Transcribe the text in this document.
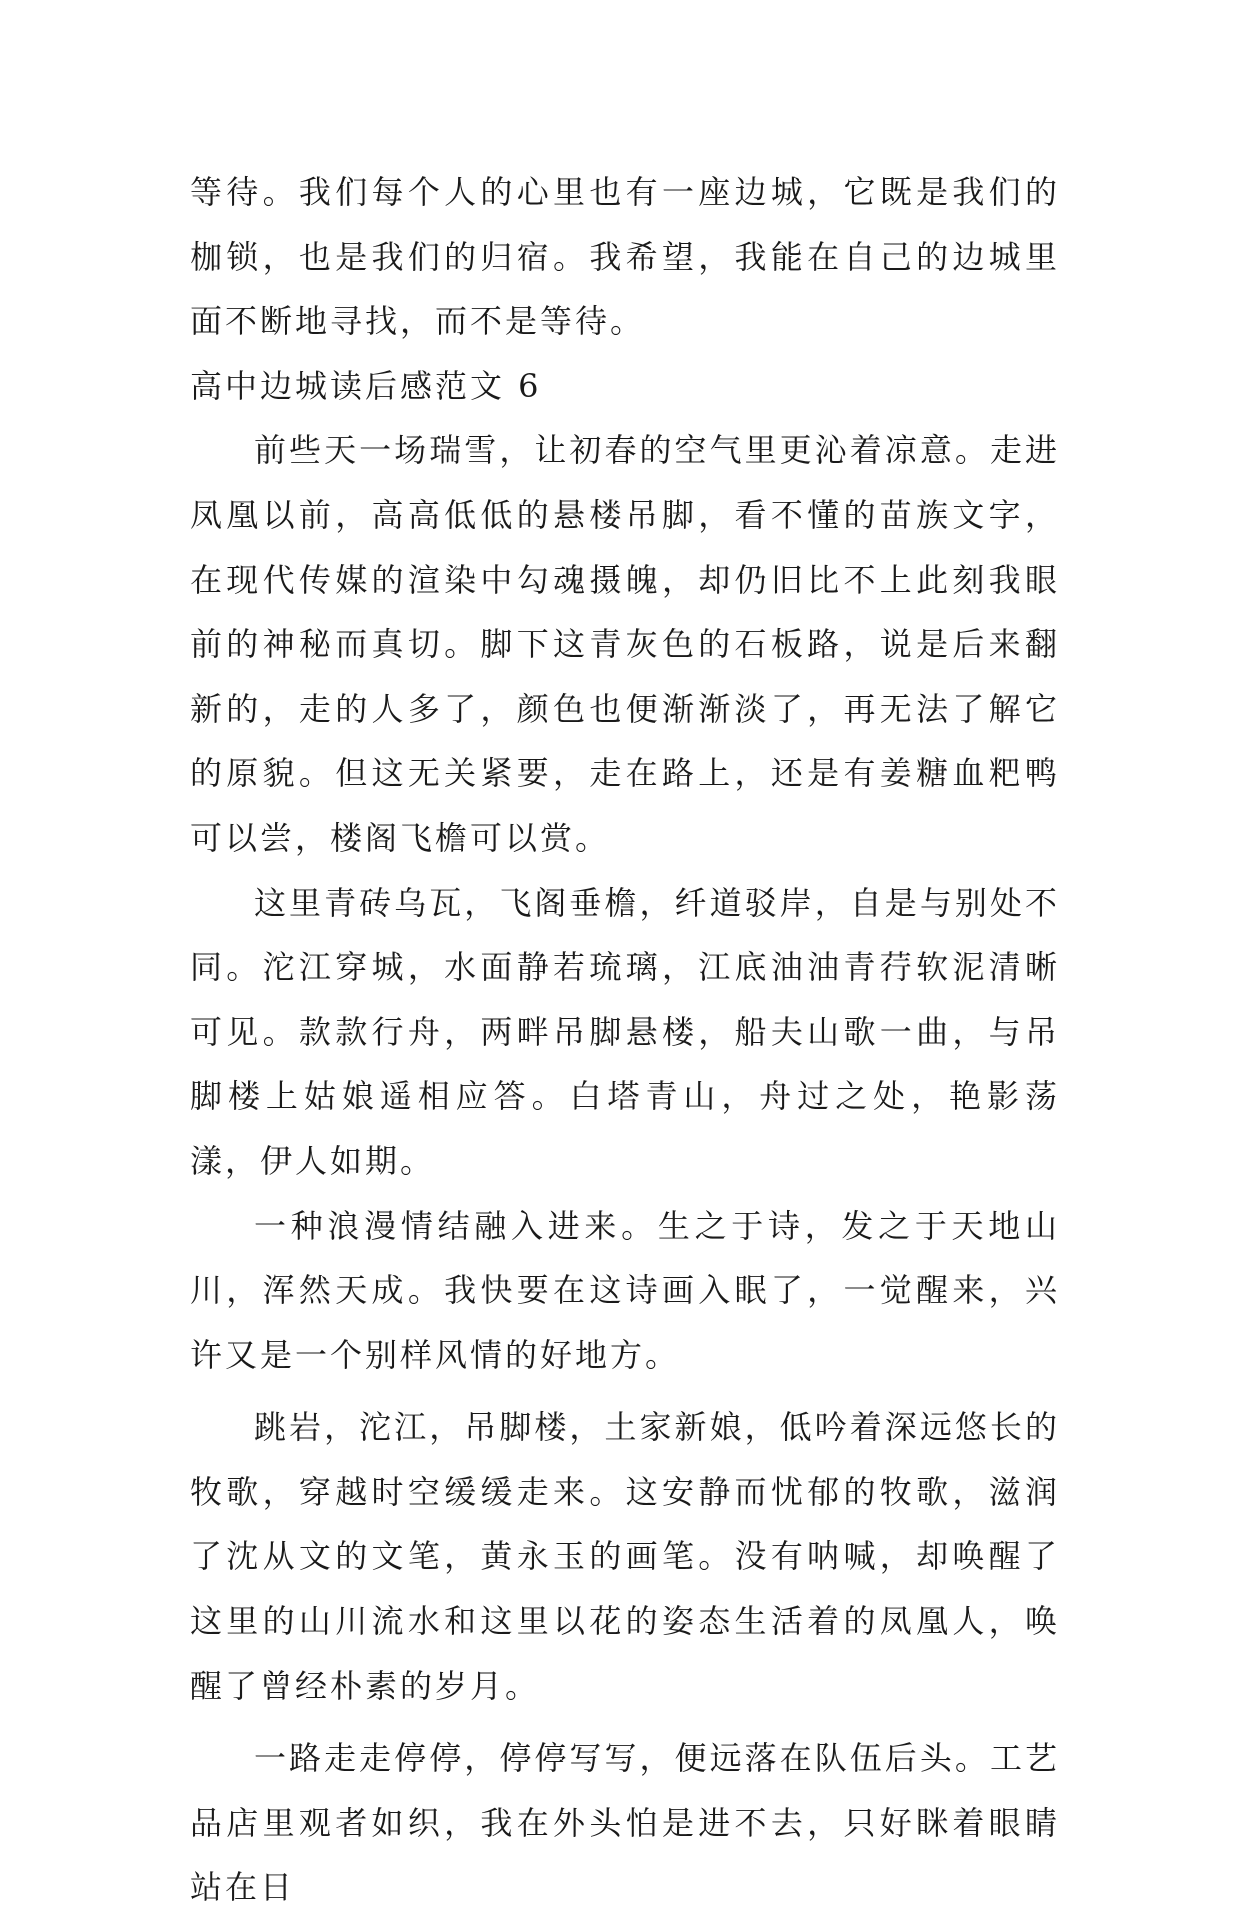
等待。我们每个人的心里也有一座边城，它既是我们的枷锁，也是我们的归宿。我希望，我能在自己的边城里面不断地寻找，而不是等待。

高中边城读后感范文 6

前些天一场瑞雪，让初春的空气里更沁着凉意。走进凤凰以前，高高低低的悬楼吊脚，看不懂的苗族文字，在现代传媒的渲染中勾魂摄魄，却仍旧比不上此刻我眼前的神秘而真切。脚下这青灰色的石板路，说是后来翻新的，走的人多了，颜色也便渐渐淡了，再无法了解它的原貌。但这无关紧要，走在路上，还是有姜糖血粑鸭可以尝，楼阁飞檐可以赏。

这里青砖乌瓦，飞阁垂檐，纤道驳岸，自是与别处不同。沱江穿城，水面静若琉璃，江底油油青荇软泥清晰可见。款款行舟，两畔吊脚悬楼，船夫山歌一曲，与吊脚楼上姑娘遥相应答。白塔青山，舟过之处，艳影荡漾，伊人如期。

一种浪漫情结融入进来。生之于诗，发之于天地山川，浑然天成。我快要在这诗画入眠了，一觉醒来，兴许又是一个别样风情的好地方。

跳岩，沱江，吊脚楼，土家新娘，低吟着深远悠长的牧歌，穿越时空缓缓走来。这安静而忧郁的牧歌，滋润了沈从文的文笔，黄永玉的画笔。没有呐喊，却唤醒了这里的山川流水和这里以花的姿态生活着的凤凰人，唤醒了曾经朴素的岁月。

一路走走停停，停停写写，便远落在队伍后头。工艺品店里观者如织，我在外头怕是进不去，只好眯着眼睛站在日
